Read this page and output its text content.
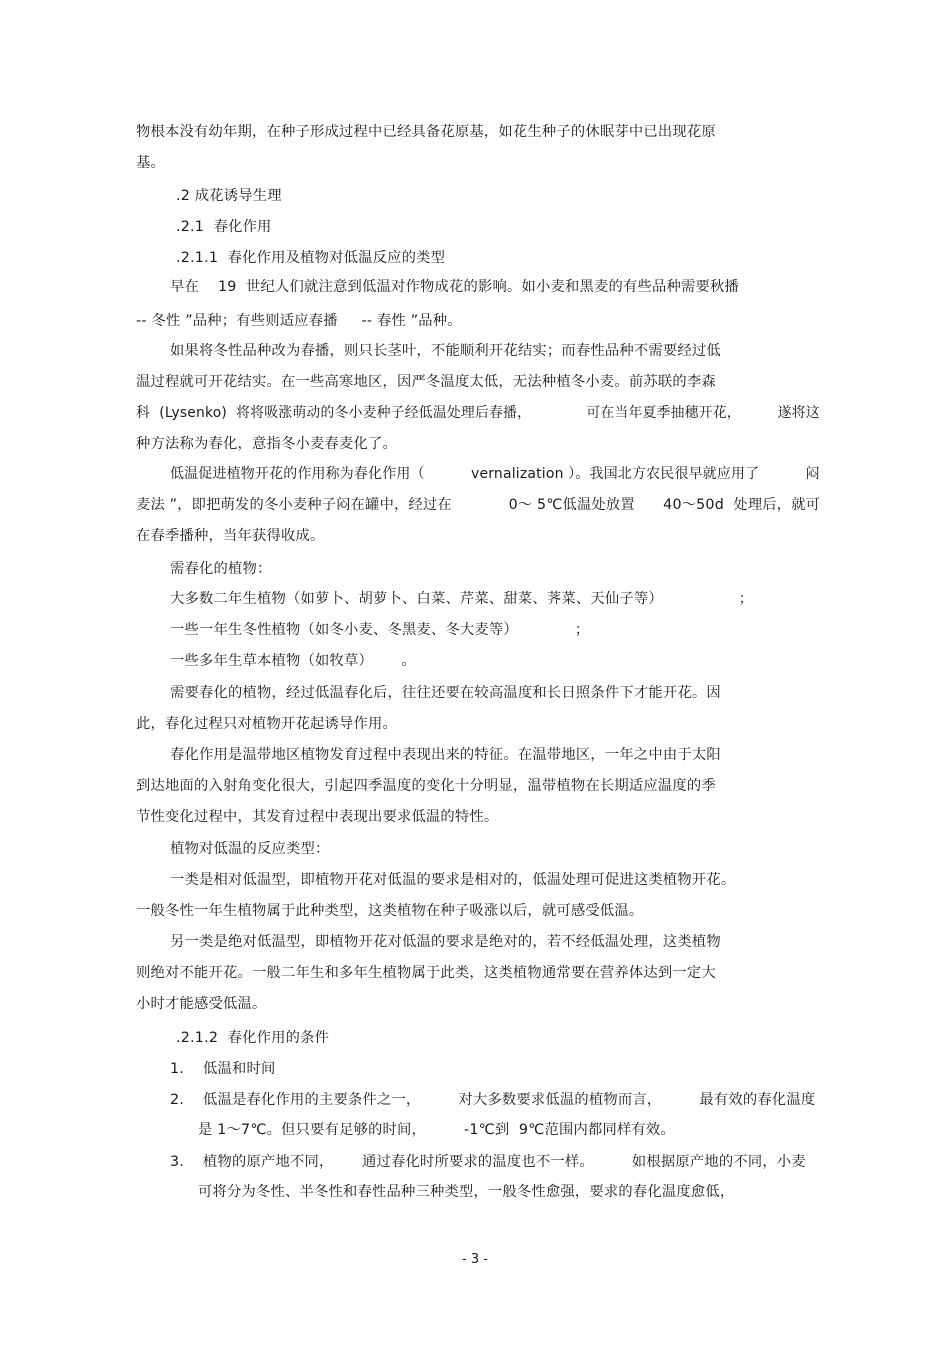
物根本没有幼年期，在种子形成过程中已经具备花原基，如花生种子的休眠芽中已出现花原
基。
.2 成花诱导生理
.2.1  春化作用
.2.1.1  春化作用及植物对低温反应的类型
早在    19  世纪人们就注意到低温对作物成花的影响。如小麦和黑麦的有些品种需要秋播
-- 冬性 ”品种；有些则适应春播     -- 春性 ”品种。
如果将冬性品种改为春播，则只长茎叶，不能顺利开花结实；而春性品种不需要经过低
温过程就可开花结实。在一些高寒地区，因严冬温度太低，无法种植冬小麦。前苏联的李森
科  (Lysenko)  将将吸涨萌动的冬小麦种子经低温处理后春播，            可在当年夏季抽穗开花，        遂将这
种方法称为春化，意指冬小麦春麦化了。
低温促进植物开花的作用称为春化作用（          vernalization ）。我国北方农民很早就应用了          闷
麦法 ”，即把萌发的冬小麦种子闷在罐中，经过在            0～ 5℃低温处放置      40～50d  处理后，就可
在春季播种，当年获得收成。
需春化的植物：
大多数二年生植物（如萝卜、胡萝卜、白菜、芹菜、甜菜、荠菜、天仙子等）                ；
一些一年生冬性植物（如冬小麦、冬黑麦、冬大麦等）            ；
一些多年生草本植物（如牧草）      。
需要春化的植物，经过低温春化后，往往还要在较高温度和长日照条件下才能开花。因
此，春化过程只对植物开花起诱导作用。
春化作用是温带地区植物发育过程中表现出来的特征。在温带地区，一年之中由于太阳
到达地面的入射角变化很大，引起四季温度的变化十分明显，温带植物在长期适应温度的季
节性变化过程中，其发育过程中表现出要求低温的特性。
植物对低温的反应类型：
一类是相对低温型，即植物开花对低温的要求是相对的，低温处理可促进这类植物开花。
一般冬性一年生植物属于此种类型，这类植物在种子吸涨以后，就可感受低温。
另一类是绝对低温型，即植物开花对低温的要求是绝对的，若不经低温处理，这类植物
则绝对不能开花。一般二年生和多年生植物属于此类，这类植物通常要在营养体达到一定大
小时才能感受低温。
.2.1.2  春化作用的条件
1.    低温和时间
2.    低温是春化作用的主要条件之一，        对大多数要求低温的植物而言，        最有效的春化温度
是 1～7℃。但只要有足够的时间，        -1℃到  9℃范围内都同样有效。
3.    植物的原产地不同，      通过春化时所要求的温度也不一样。        如根据原产地的不同，小麦
可将分为冬性、半冬性和春性品种三种类型，一般冬性愈强，要求的春化温度愈低，
- 3 -
